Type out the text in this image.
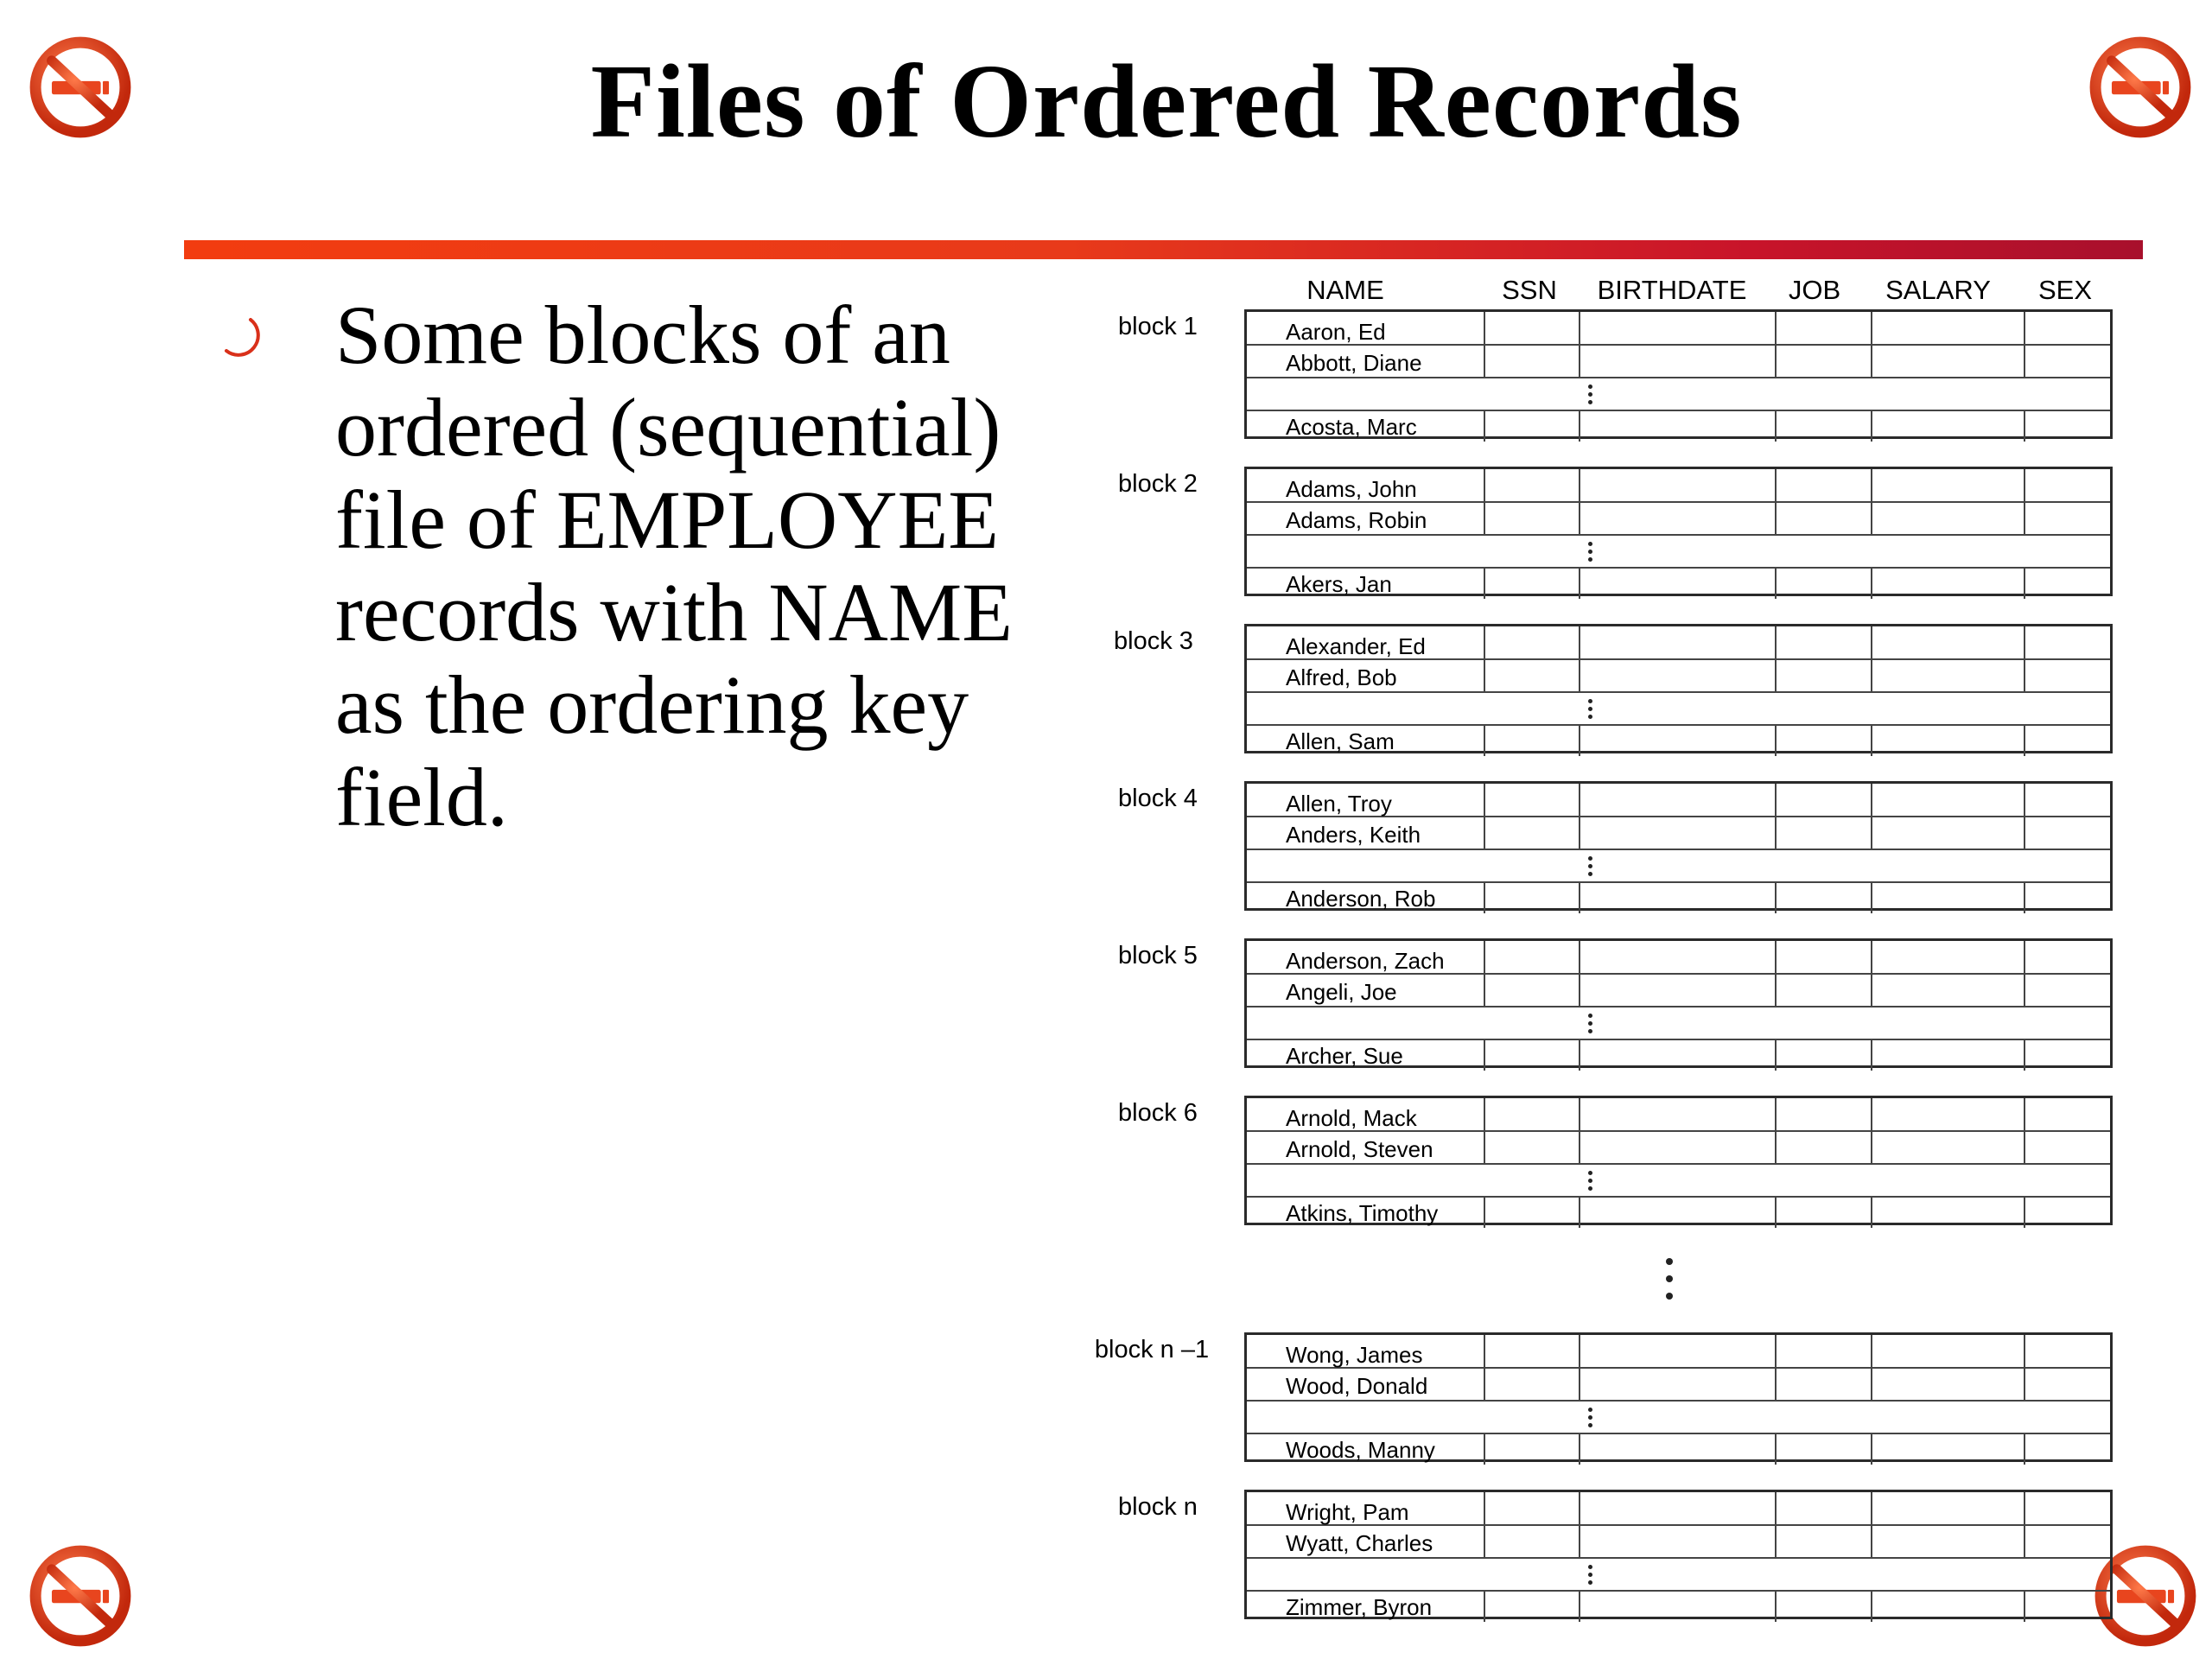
Files of Ordered Records

Some blocks of an ordered (sequential) file of EMPLOYEE records with NAME as the ordering key field.

NAME	SSN BIRTHDATE JOB SALARY SEX
block 1	Aaron, Ed
Abbott, Diane
Acosta, Marc
block 2	Adams, John
Adams, Robin
Akers, Jan
block 3	Alexander, Ed
Alfred, Bob
Allen, Sam
block 4	Allen, Troy
Anders, Keith
Anderson, Rob
block 5	Anderson, Zach
Angeli, Joe
Archer, Sue
block 6	Arnold, Mack
Arnold, Steven
Atkins, Timothy
block n –1	Wong, James
Wood, Donald
Woods, Manny
block n	Wright, Pam
Wyatt, Charles
Zimmer, Byron
